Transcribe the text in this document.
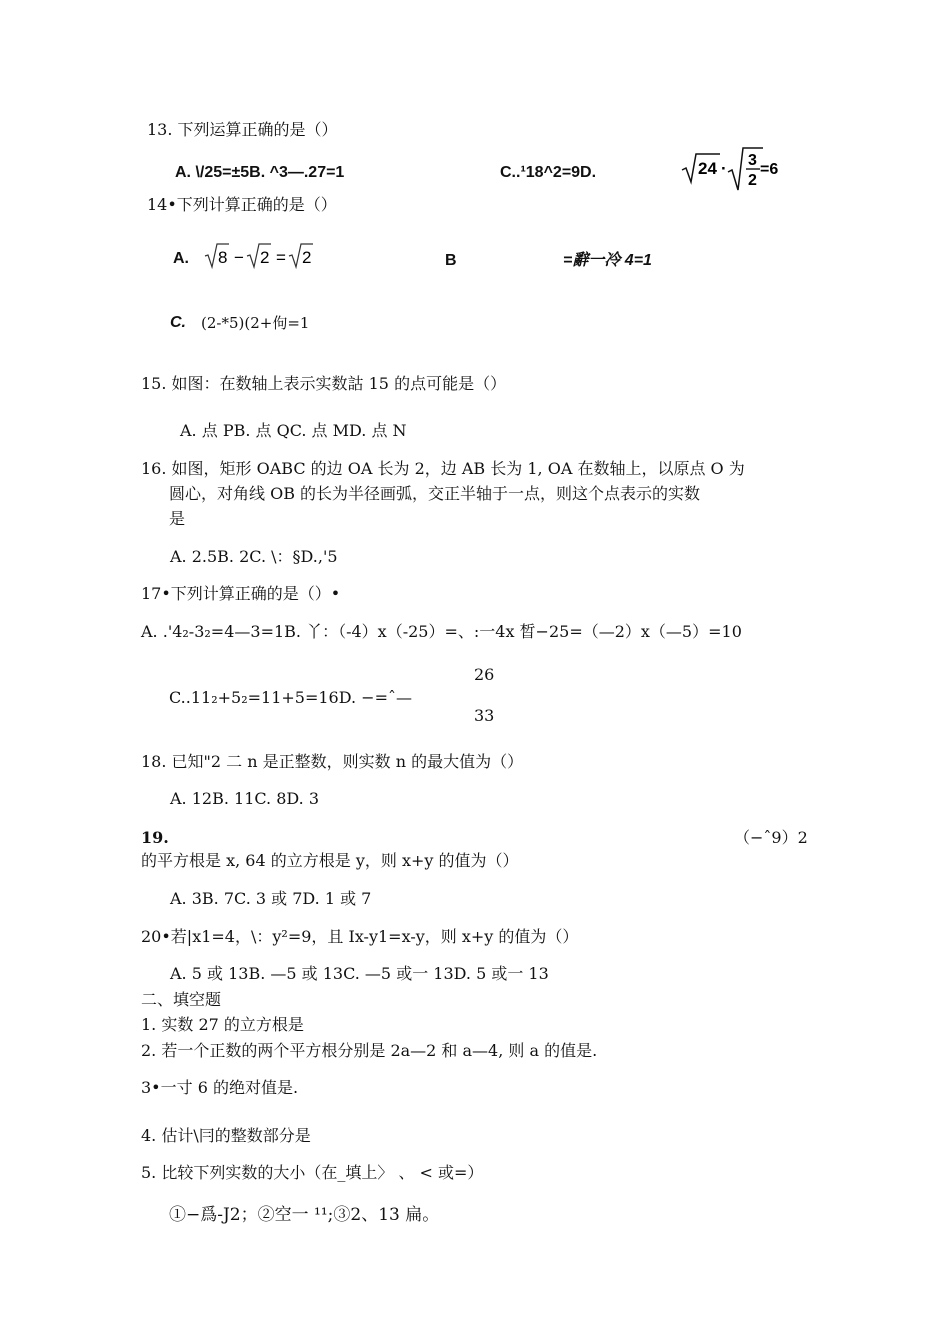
13. 下列运算正确的是（）
A. \/25=±5B. ^3—.27=1	C..¹18^2=9D.	24 · 3
2
=6
14•下列计算正确的是（）
A. 8 − 2 = 2	B	=辭一冷 4=1
C. (2-*5)(2+佝=1
15. 如图：在数轴上表示实数詁 15 的点可能是（）
A. 点 PB. 点 QC. 点 MD. 点 N
16. 如图，矩形 OABC 的边 OA 长为 2，边 AB 长为 1, OA 在数轴上，以原点 O 为
圆心，对角线 OB 的长为半径画弧，交正半轴于一点，则这个点表示的实数
是
A. 2.5B. 2C. \：§D.,'5
17•下列计算正确的是（）•
A. .'4₂-3₂=4—3=1B. 丫：（-4）x（-25）=、:一4x 晳−25=（—2）x（—5）=10
26
C..11₂+5₂=11+5=16D. −=ˆ—
33
18. 已知"2 二 n 是正整数，则实数 n 的最大值为（）
A. 12B. 11C. 8D. 3
19.	（−ˆ9）2
的平方根是 x, 64 的立方根是 y，则 x+y 的值为（）
A. 3B. 7C. 3 或 7D. 1 或 7
20•若|x1=4，\：y²=9，且 Ix-y1=x-y，则 x+y 的值为（）
A. 5 或 13B. —5 或 13C. —5 或一 13D. 5 或一 13
二、填空题
1. 实数 27 的立方根是
2. 若一个正数的两个平方根分别是 2a—2 和 a—4, 则 a 的值是.
3•一寸 6 的绝对值是.
4. 估计\冃的整数部分是
5. 比较下列实数的大小（在_填上〉 、 < 或=）
①−爲-J2；②空一 ¹¹;③2、13 扁。
